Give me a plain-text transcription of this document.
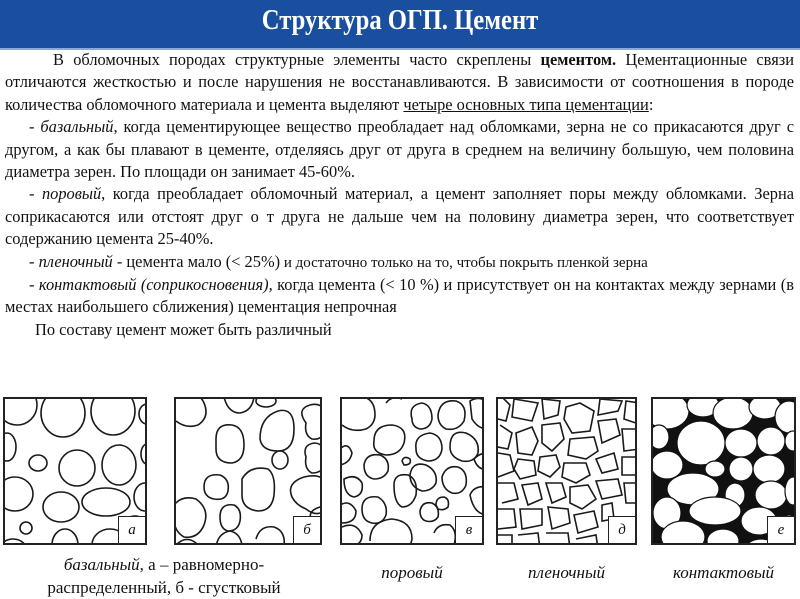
Структура ОГП. Цемент

В обломочных породах структурные элементы часто скреплены цементом. Цементационные связи отличаются жесткостью и после нарушения не восстанавливаются. В зависимости от соотношения в породе количества обломочного материала и цемента выделяют четыре основных типа цементации:

- базальный, когда цементирующее вещество преобладает над обломками, зерна не со прикасаются друг с другом, а как бы плавают в цементе, отделяясь друг от друга в среднем на величину большую, чем половина диаметра зерен. По площади он занимает 45-60%.

- поровый, когда преобладает обломочный материал, а цемент заполняет поры между обломками. Зерна соприкасаются или отстоят друг о т друга не дальше чем на половину диаметра зерен, что соответствует содержанию цемента 25-40%.

- пленочный - цемента мало (< 25%) и достаточно только на то, чтобы покрыть пленкой зерна

- контактовый (соприкосновения), когда цемента (< 10 %) и присутствует он на контактах между зернами (в местах наибольшего сближения) цементация непрочная

По составу цемент может быть различный

а	б	в	д	е
базальный, а – равномерно-
распределенный, б - сгустковый
поровый	пленочный	контактовый
